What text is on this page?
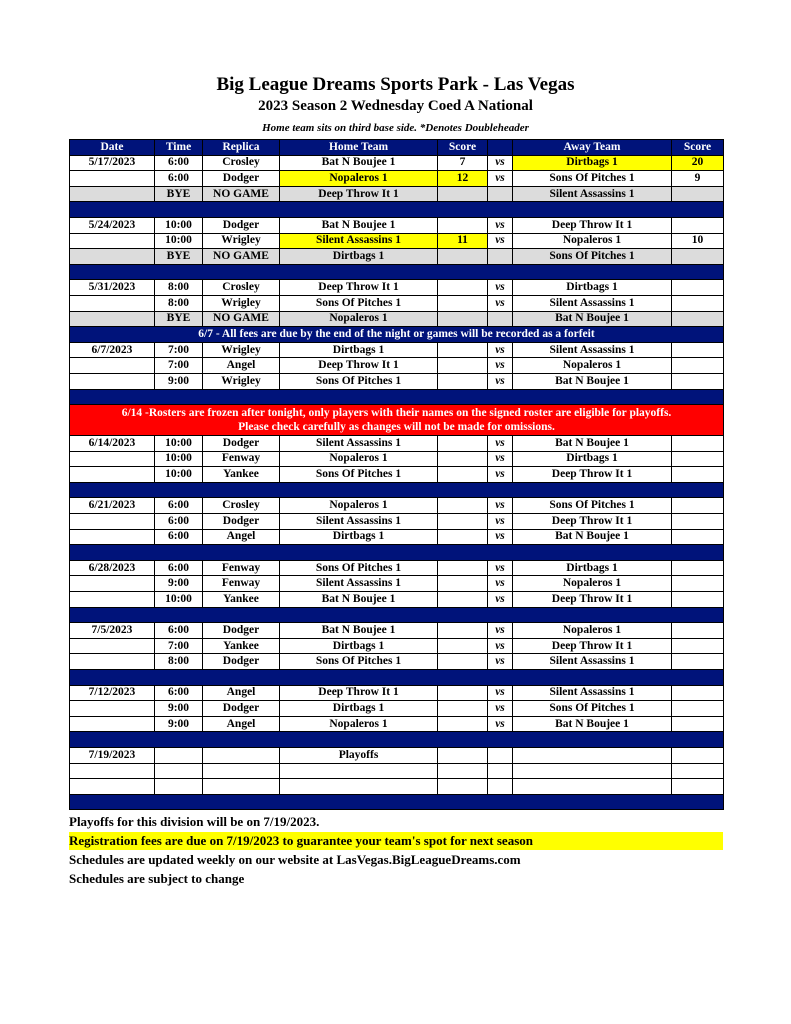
Big League Dreams Sports Park - Las Vegas
2023 Season 2 Wednesday Coed A National
Home team sits on third base side. *Denotes Doubleheader
Date	Time	Replica	Home Team	Score		Away Team	Score
5/17/2023	6:00	Crosley	Bat N Boujee 1	7	vs	Dirtbags 1	20
	6:00	Dodger	Nopaleros 1	12	vs	Sons Of Pitches 1	9
	BYE	NO GAME	Deep Throw It 1			Silent Assassins 1	

5/24/2023	10:00	Dodger	Bat N Boujee 1		vs	Deep Throw It 1	
	10:00	Wrigley	Silent Assassins 1	11	vs	Nopaleros 1	10
	BYE	NO GAME	Dirtbags 1			Sons Of Pitches 1	

5/31/2023	8:00	Crosley	Deep Throw It 1		vs	Dirtbags 1	
	8:00	Wrigley	Sons Of Pitches 1		vs	Silent Assassins 1	
	BYE	NO GAME	Nopaleros 1			Bat N Boujee 1	
6/7 - All fees are due by the end of the night or games will be recorded as a forfeit							
6/7/2023	7:00	Wrigley	Dirtbags 1		vs	Silent Assassins 1	
	7:00	Angel	Deep Throw It 1		vs	Nopaleros 1	
	9:00	Wrigley	Sons Of Pitches 1		vs	Bat N Boujee 1	

6/14 -Rosters are frozen after tonight, only players with their names on the signed roster are eligible for playoffs.
Please check carefully as changes will not be made for omissions.							

6/14/2023	10:00	Dodger	Silent Assassins 1		vs	Bat N Boujee 1	
	10:00	Fenway	Nopaleros 1		vs	Dirtbags 1	
	10:00	Yankee	Sons Of Pitches 1		vs	Deep Throw It 1	

6/21/2023	6:00	Crosley	Nopaleros 1		vs	Sons Of Pitches 1	
	6:00	Dodger	Silent Assassins 1		vs	Deep Throw It 1	
	6:00	Angel	Dirtbags 1		vs	Bat N Boujee 1	

6/28/2023	6:00	Fenway	Sons Of Pitches 1		vs	Dirtbags 1	
	9:00	Fenway	Silent Assassins 1		vs	Nopaleros 1	
	10:00	Yankee	Bat N Boujee 1		vs	Deep Throw It 1	

7/5/2023	6:00	Dodger	Bat N Boujee 1		vs	Nopaleros 1	
	7:00	Yankee	Dirtbags 1		vs	Deep Throw It 1	
	8:00	Dodger	Sons Of Pitches 1		vs	Silent Assassins 1	

7/12/2023	6:00	Angel	Deep Throw It 1		vs	Silent Assassins 1	
	9:00	Dodger	Dirtbags 1		vs	Sons Of Pitches 1	
	9:00	Angel	Nopaleros 1		vs	Bat N Boujee 1	

7/19/2023			Playoffs				

Playoffs for this division will be on 7/19/2023.
Registration fees are due on 7/19/2023 to guarantee your team's spot for next season
Schedules are updated weekly on our website at LasVegas.BigLeagueDreams.com
Schedules are subject to change
